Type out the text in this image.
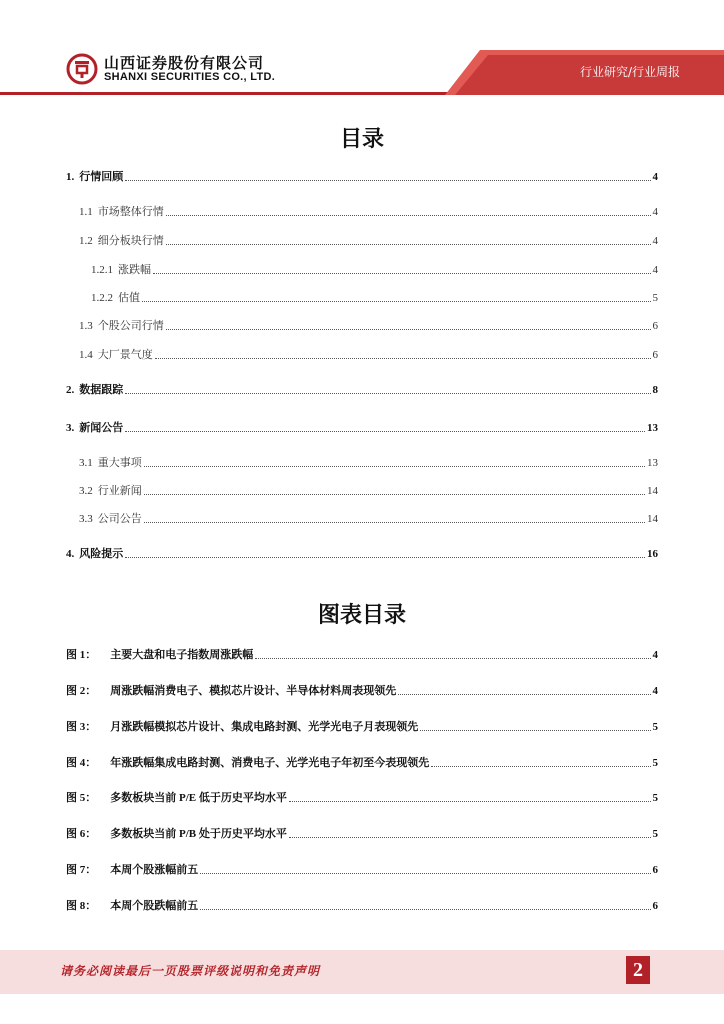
山西证券股份有限公司
SHANXI SECURITIES CO., LTD.	行业研究/行业周报
目录
1. 行情回顾	4
1.1 市场整体行情	4
1.2 细分板块行情	4
1.2.1 涨跌幅	4
1.2.2 估值	5
1.3 个股公司行情	6
1.4 大厂景气度	6
2. 数据跟踪	8
3. 新闻公告	13
3.1 重大事项	13
3.2 行业新闻	14
3.3 公司公告	14
4. 风险提示	16
图表目录
图 1： 主要大盘和电子指数周涨跌幅	4
图 2： 周涨跌幅消费电子、模拟芯片设计、半导体材料周表现领先	4
图 3： 月涨跌幅模拟芯片设计、集成电路封测、光学光电子月表现领先	5
图 4： 年涨跌幅集成电路封测、消费电子、光学光电子年初至今表现领先	5
图 5： 多数板块当前 P/E 低于历史平均水平	5
图 6： 多数板块当前 P/B 处于历史平均水平	5
图 7： 本周个股涨幅前五	6
图 8： 本周个股跌幅前五	6
请务必阅读最后一页股票评级说明和免责声明	2
